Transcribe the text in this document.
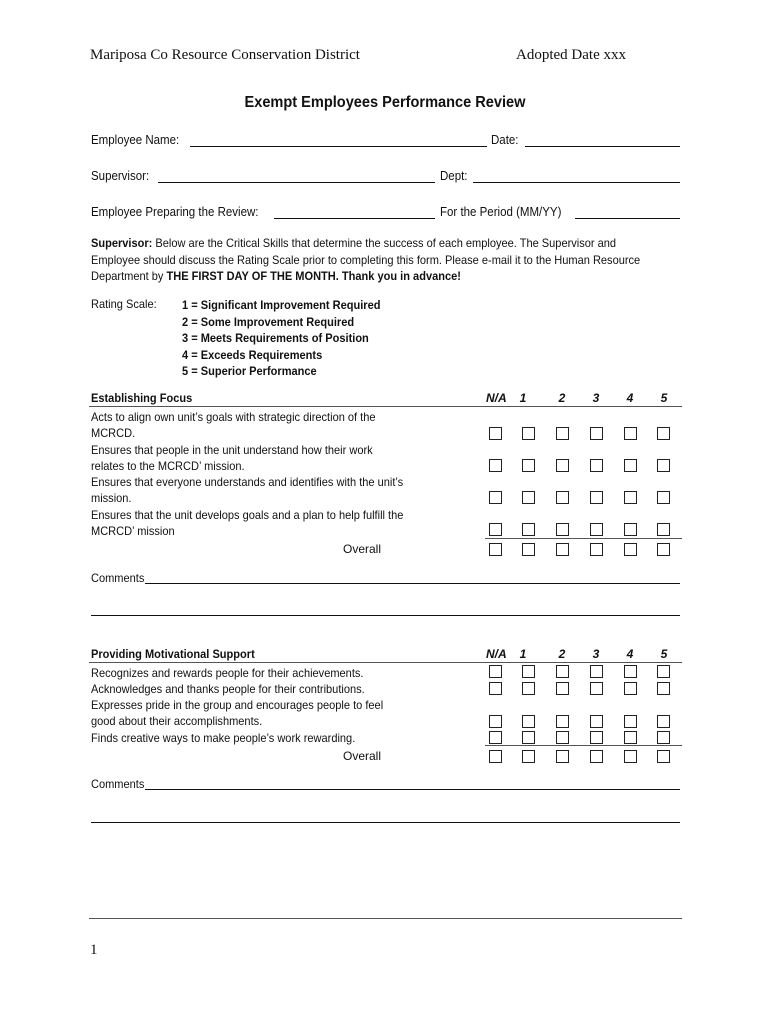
Mariposa Co Resource Conservation District	Adopted Date xxx
Exempt Employees Performance Review
Employee Name:	Date:
Supervisor:	Dept:
Employee Preparing the Review:	For the Period (MM/YY)
Supervisor: Below are the Critical Skills that determine the success of each employee. The Supervisor and Employee should discuss the Rating Scale prior to completing this form. Please e-mail it to the Human Resource Department by THE FIRST DAY OF THE MONTH. Thank you in advance!
Rating Scale: 1 = Significant Improvement Required
2 = Some Improvement Required
3 = Meets Requirements of Position
4 = Exceeds Requirements
5 = Superior Performance
Establishing Focus	N/A	1	2	3	4	5
Acts to align own unit’s goals with strategic direction of the MCRCD.
Ensures that people in the unit understand how their work relates to the MCRCD’ mission.
Ensures that everyone understands and identifies with the unit’s mission.
Ensures that the unit develops goals and a plan to help fulfill the MCRCD’ mission
Overall
Comments
Providing Motivational Support	N/A	1	2	3	4	5
Recognizes and rewards people for their achievements.
Acknowledges and thanks people for their contributions.
Expresses pride in the group and encourages people to feel good about their accomplishments.
Finds creative ways to make people’s work rewarding.
Overall
Comments
1
